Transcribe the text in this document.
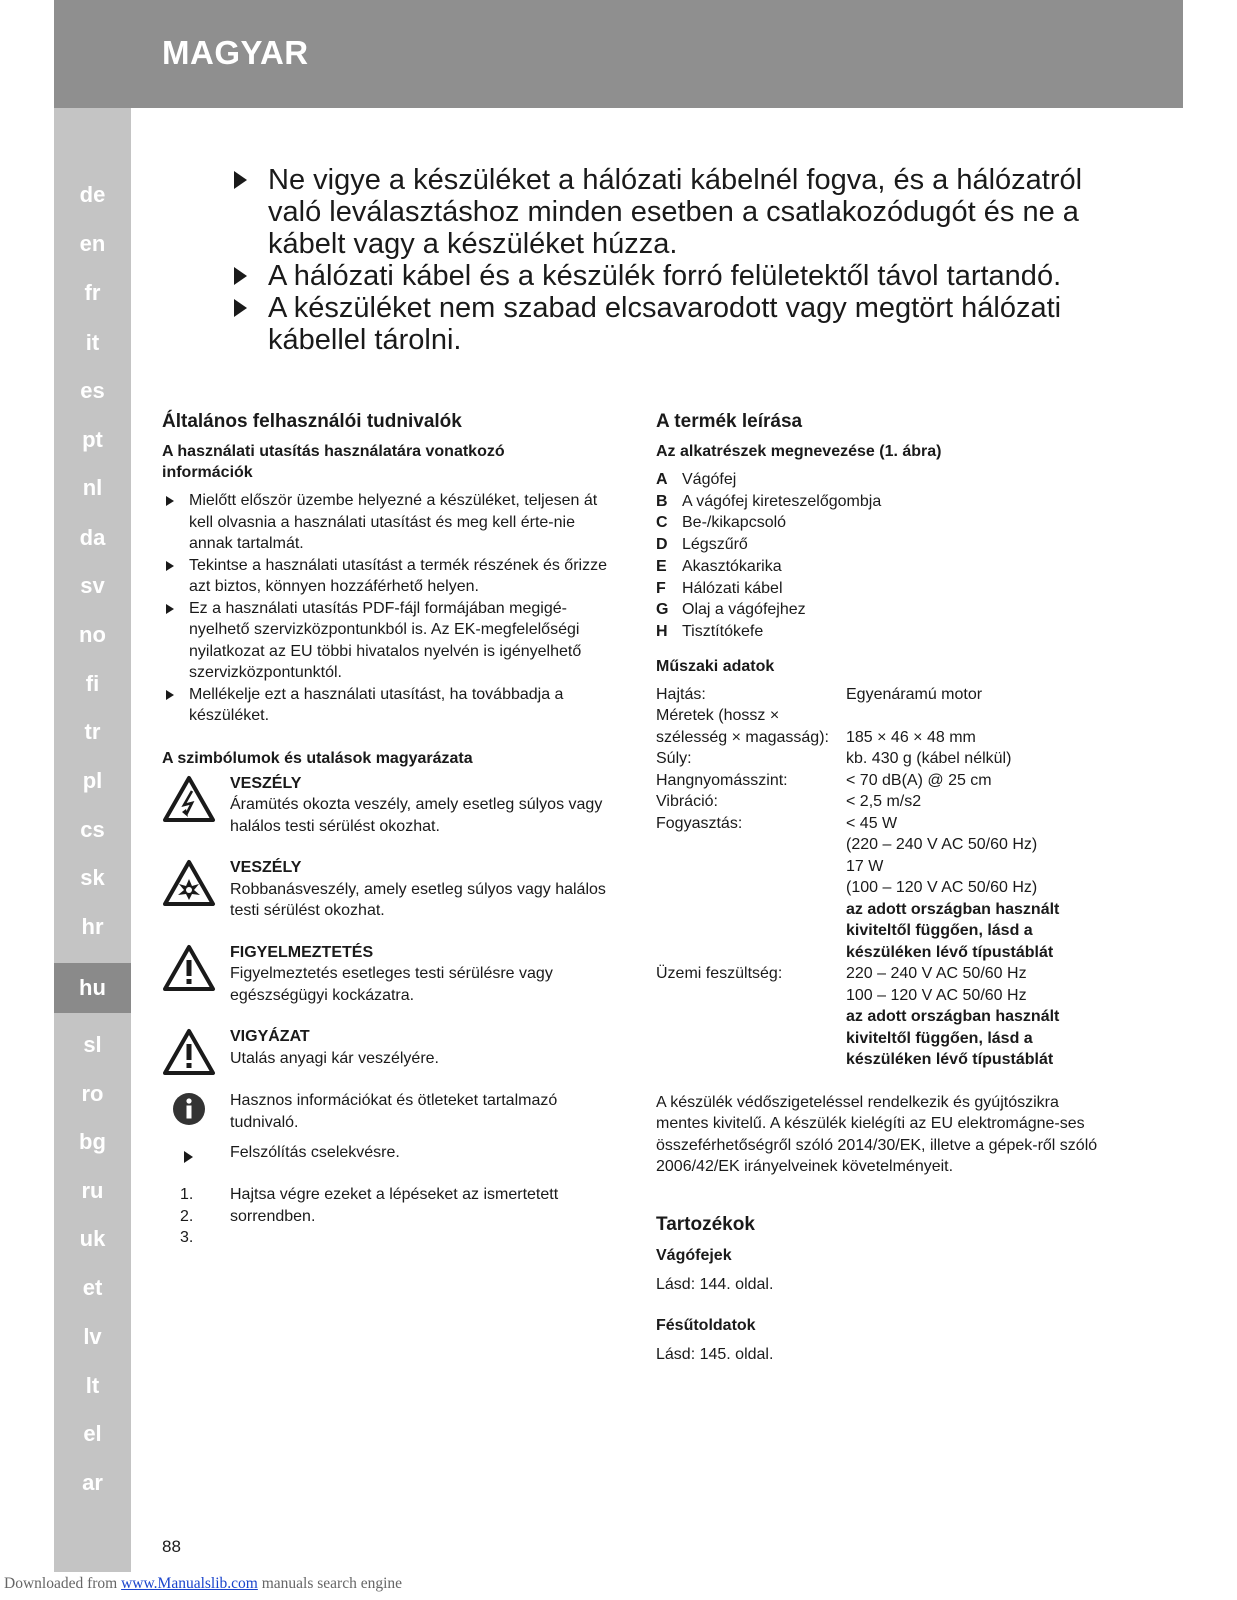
MAGYAR
de
en
fr
it
es
pt
nl
da
sv
no
fi
tr
pl
cs
sk
hr
hu
sl
ro
bg
ru
uk
et
lv
lt
el
ar
Ne vigye a készüléket a hálózati kábelnél fogva, és a hálózatról való leválasztáshoz minden esetben a csatlakozódugót és ne a kábelt vagy a készüléket húzza.
A hálózati kábel és a készülék forró felületektől távol tartandó.
A készüléket nem szabad elcsavarodott vagy megtört hálózati kábellel tárolni.
Általános felhasználói tudnivalók
A használati utasítás használatára vonatkozó információk
Mielőtt először üzembe helyezné a készüléket, teljesen át kell olvasnia a használati utasítást és meg kell érte-nie annak tartalmát.
Tekintse a használati utasítást a termék részének és őrizze azt biztos, könnyen hozzáférhető helyen.
Ez a használati utasítás PDF-fájl formájában megigé-nyelhető szervizközpontunkból is. Az EK-megfelelőségi nyilatkozat az EU többi hivatalos nyelvén is igényelhető szervizközpontunktól.
Mellékelje ezt a használati utasítást, ha továbbadja a készüléket.
A szimbólumok és utalások magyarázata
VESZÉLY
Áramütés okozta veszély, amely esetleg súlyos vagy halálos testi sérülést okozhat.
VESZÉLY
Robbanásveszély, amely esetleg súlyos vagy halálos testi sérülést okozhat.
FIGYELMEZTETÉS
Figyelmeztetés esetleges testi sérülésre vagy egészségügyi kockázatra.
VIGYÁZAT
Utalás anyagi kár veszélyére.
Hasznos információkat és ötleteket tartalmazó tudnivaló.
Felszólítás cselekvésre.
1.
2.
3.
Hajtsa végre ezeket a lépéseket az ismertetett sorrendben.
A termék leírása
Az alkatrészek megnevezése (1. ábra)
A Vágófej
B A vágófej kireteszelőgombja
C Be-/kikapcsoló
D Légszűrő
E Akasztókarika
F	Hálózati kábel
G Olaj a vágófejhez
H Tisztítókefe
Műszaki adatok
Hajtás:	Egyenáramú motor
Méretek (hossz ×
szélesség × magasság):	185 × 46 × 48 mm
Súly:	kb. 430 g (kábel nélkül)
Hangnyomásszint:	< 70 dB(A) @ 25 cm
Vibráció:	< 2,5 m/s2
Fogyasztás:	< 45 W
(220 – 240 V AC 50/60 Hz)
17 W
(100 – 120 V AC 50/60 Hz)
az adott országban használt
kiviteltől függően, lásd a
készüléken lévő típustáblát
Üzemi feszültség:	220 – 240 V AC 50/60 Hz
100 – 120 V AC 50/60 Hz
az adott országban használt
kiviteltől függően, lásd a
készüléken lévő típustáblát
A készülék védőszigeteléssel rendelkezik és gyújtószikra mentes kivitelű. A készülék kielégíti az EU elektromágne-ses összeférhetőségről szóló 2014/30/EK, illetve a gépek-ről szóló 2006/42/EK irányelveinek követelményeit.
Tartozékok
Vágófejek
Lásd: 144. oldal.
Fésűtoldatok
Lásd: 145. oldal.
88
Downloaded from www.Manualslib.com manuals search engine
